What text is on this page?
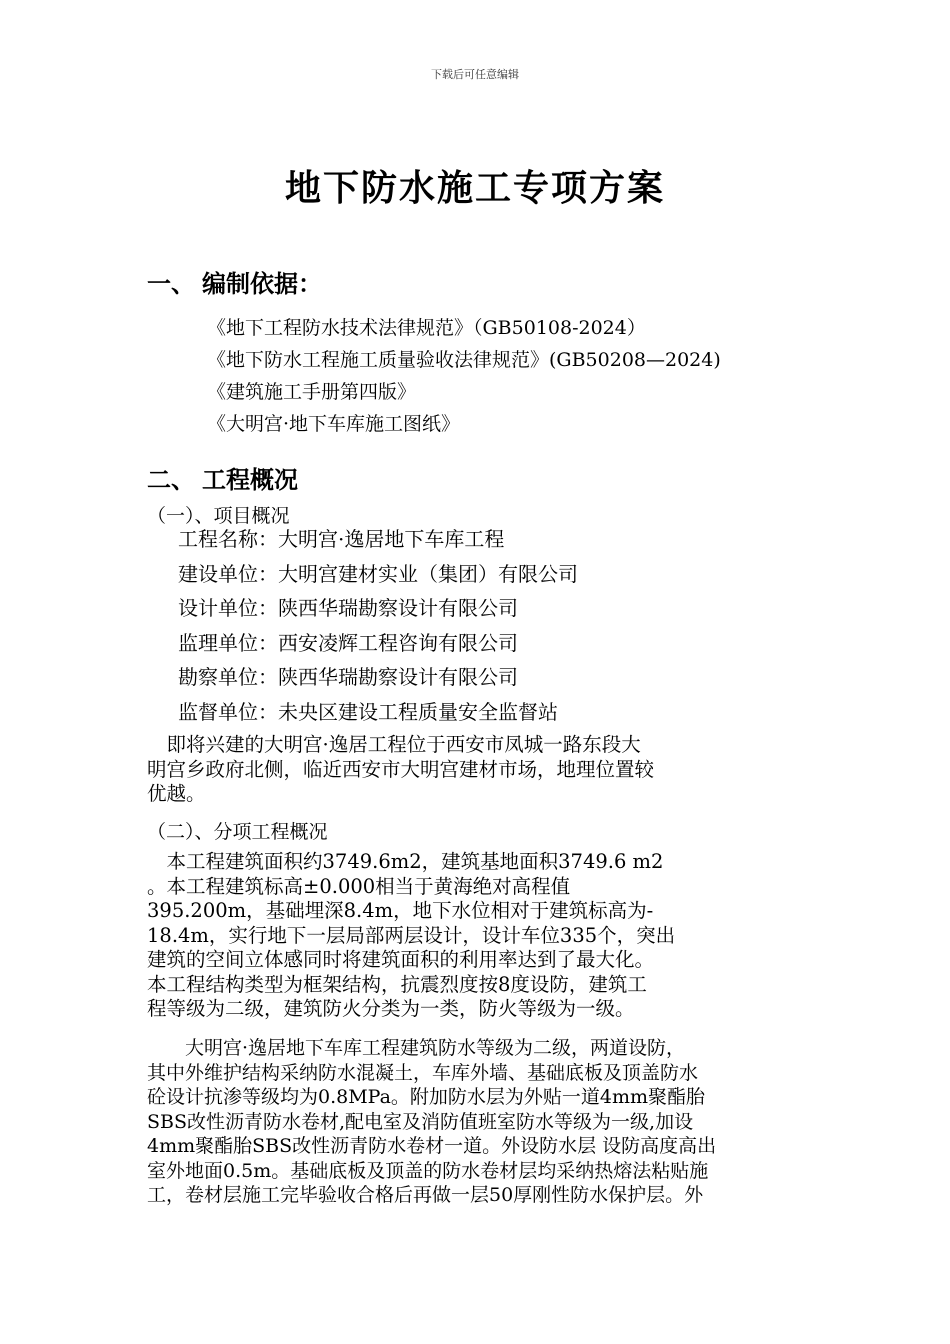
下载后可任意编辑
地下防水施工专项方案
一、 编制依据：
《地下工程防水技术法律规范》（GB50108-2024）
《地下防水工程施工质量验收法律规范》(GB50208—2024)
《建筑施工手册第四版》
《大明宫·地下车库施工图纸》
二、 工程概况
（一）、项目概况
工程名称：大明宫·逸居地下车库工程
建设单位：大明宫建材实业（集团）有限公司
设计单位：陕西华瑞勘察设计有限公司
监理单位：西安凌辉工程咨询有限公司
勘察单位：陕西华瑞勘察设计有限公司
监督单位：未央区建设工程质量安全监督站
　即将兴建的大明宫·逸居工程位于西安市凤城一路东段大
明宫乡政府北侧，临近西安市大明宫建材市场，地理位置较
优越。
（二）、分项工程概况
　本工程建筑面积约3749.6m2，建筑基地面积3749.6 m2
。本工程建筑标高±0.000相当于黄海绝对高程值
395.200m，基础埋深8.4m，地下水位相对于建筑标高为-
18.4m，实行地下一层局部两层设计，设计车位335个，突出
建筑的空间立体感同时将建筑面积的利用率达到了最大化。
本工程结构类型为框架结构，抗震烈度按8度设防，建筑工
程等级为二级，建筑防火分类为一类，防火等级为一级。
　　大明宫·逸居地下车库工程建筑防水等级为二级，两道设防，
其中外维护结构采纳防水混凝土，车库外墙、基础底板及顶盖防水
砼设计抗渗等级均为0.8MPa。附加防水层为外贴一道4mm聚酯胎
SBS改性沥青防水卷材,配电室及消防值班室防水等级为一级,加设
4mm聚酯胎SBS改性沥青防水卷材一道。外设防水层 设防高度高出
室外地面0.5m。基础底板及顶盖的防水卷材层均采纳热熔法粘贴施
工，卷材层施工完毕验收合格后再做一层50厚刚性防水保护层。外
